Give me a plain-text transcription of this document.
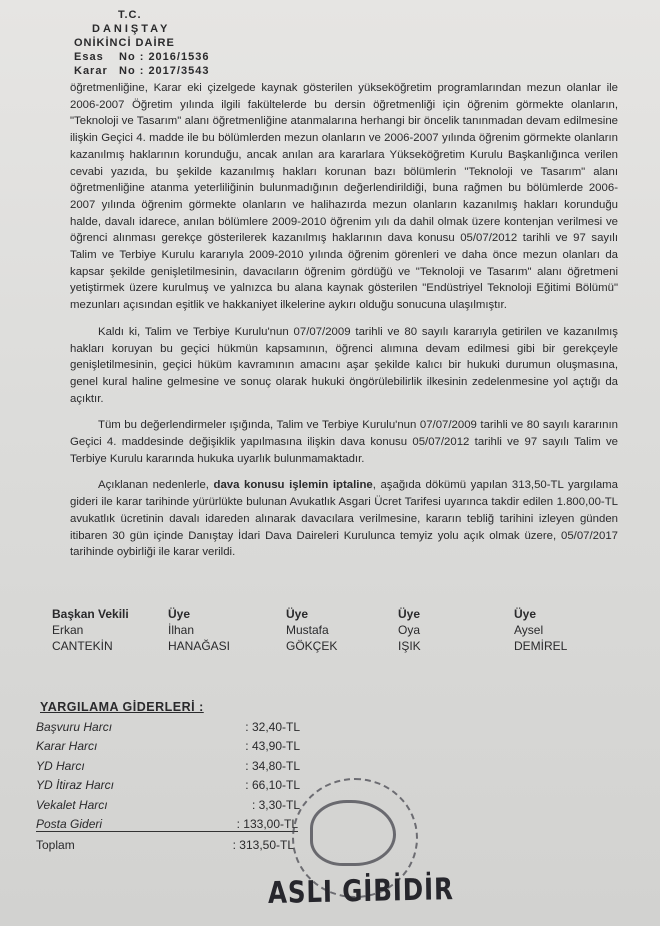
T.C.
DANIŞTAY
ONİKİNCİ DAİRE
Esas	No : 2016/1536
Karar	No : 2017/3543

öğretmenliğine, Karar eki çizelgede kaynak gösterilen yükseköğretim programlarından mezun olanlar ile 2006-2007 Öğretim yılında ilgili fakültelerde bu dersin öğretmenliği için öğrenim görmekte olanların, "Teknoloji ve Tasarım" alanı öğretmenliğine atanmalarına herhangi bir öncelik tanınmadan devam edilmesine ilişkin Geçici 4. madde ile bu bölümlerden mezun olanların ve 2006-2007 yılında öğrenim görmekte olanların kazanılmış haklarının korunduğu, ancak anılan ara kararlara Yükseköğretim Kurulu Başkanlığınca verilen cevabi yazıda, bu şekilde kazanılmış hakları korunan bazı bölümlerin "Teknoloji ve Tasarım" alanı öğretmenliğine atanma yeterliliğinin bulunmadığının değerlendirildiği, buna rağmen bu bölümlerde 2006-2007 yılında öğrenim görmekte olanların ve halihazırda mezun olanların kazanılmış hakları korunduğu halde, davalı idarece, anılan bölümlere 2009-2010 öğrenim yılı da dahil olmak üzere kontenjan verilmesi ve öğrenci alınması gerekçe gösterilerek kazanılmış haklarının dava konusu 05/07/2012 tarihli ve 97 sayılı Talim ve Terbiye Kurulu kararıyla 2009-2010 yılında öğrenim görenleri ve daha önce mezun olanları da kapsar şekilde genişletilmesinin, davacıların öğrenim gördüğü ve "Teknoloji ve Tasarım" alanı öğretmeni yetiştirmek üzere kurulmuş ve yalnızca bu alana kaynak gösterilen "Endüstriyel Teknoloji Eğitimi Bölümü" mezunları açısından eşitlik ve hakkaniyet ilkelerine aykırı olduğu sonucuna ulaşılmıştır.

Kaldı ki, Talim ve Terbiye Kurulu'nun 07/07/2009 tarihli ve 80 sayılı kararıyla getirilen ve kazanılmış hakları koruyan bu geçici hükmün kapsamının, öğrenci alımına devam edilmesi gibi bir gerekçeyle genişletilmesinin, geçici hüküm kavramının amacını aşar şekilde kalıcı bir hukuki durumun oluşmasına, genel kural haline gelmesine ve sonuç olarak hukuki öngörülebilirlik ilkesinin zedelenmesine yol açtığı da açıktır.

Tüm bu değerlendirmeler ışığında, Talim ve Terbiye Kurulu'nun 07/07/2009 tarihli ve 80 sayılı kararının Geçici 4. maddesinde değişiklik yapılmasına ilişkin dava konusu 05/07/2012 tarihli ve 97 sayılı Talim ve Terbiye Kurulu kararında hukuka uyarlık bulunmamaktadır.

Açıklanan nedenlerle, dava konusu işlemin iptaline, aşağıda dökümü yapılan 313,50-TL yargılama gideri ile karar tarihinde yürürlükte bulunan Avukatlık Asgari Ücret Tarifesi uyarınca takdir edilen 1.800,00-TL avukatlık ücretinin davalı idareden alınarak davacılara verilmesine, kararın tebliğ tarihini izleyen günden itibaren 30 gün içinde Danıştay İdari Dava Daireleri Kurulunca temyiz yolu açık olmak üzere, 05/07/2017 tarihinde oybirliği ile karar verildi.

Başkan Vekili	Üye	Üye	Üye	Üye
Erkan	İlhan	Mustafa	Oya	Aysel
CANTEKİN	HANAĞASI	GÖKÇEK	IŞIK	DEMİREL
YARGILAMA GİDERLERİ :
Başvuru Harcı	: 32,40-TL
Karar Harcı	: 43,90-TL
YD Harcı	: 34,80-TL
YD İtiraz Harcı	: 66,10-TL
Vekalet Harcı	: 3,30-TL
Posta Gideri	: 133,00-TL
Toplam	: 313,50-TL
ASLI GİBİDİR
